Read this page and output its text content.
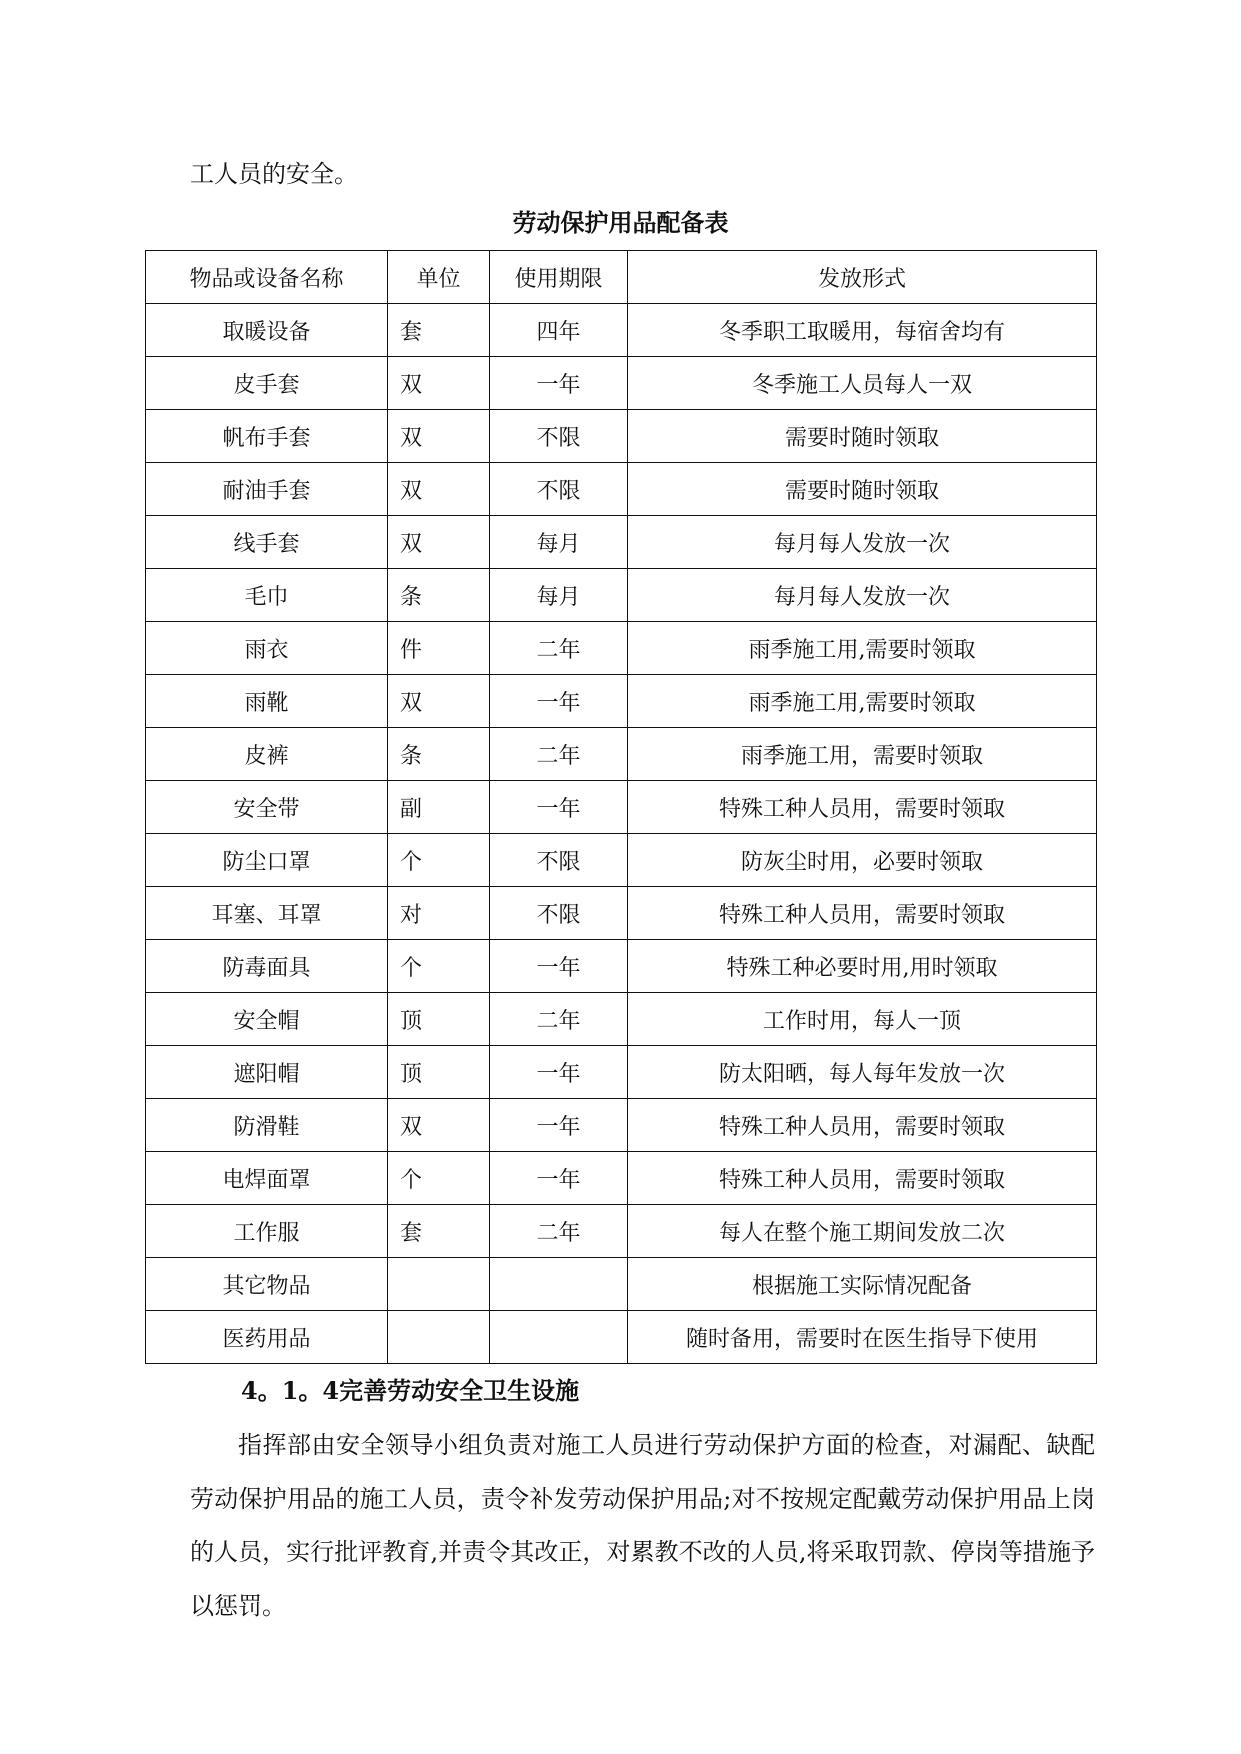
工人员的安全。

劳动保护用品配备表
物品或设备名称	单位	使用期限	发放形式
取暖设备	套	四年	冬季职工取暖用，每宿舍均有
皮手套	双	一年	冬季施工人员每人一双
帆布手套	双	不限	需要时随时领取
耐油手套	双	不限	需要时随时领取
线手套	双	每月	每月每人发放一次
毛巾	条	每月	每月每人发放一次
雨衣	件	二年	雨季施工用,需要时领取
雨靴	双	一年	雨季施工用,需要时领取
皮裤	条	二年	雨季施工用，需要时领取
安全带	副	一年	特殊工种人员用，需要时领取
防尘口罩	个	不限	防灰尘时用，必要时领取
耳塞、耳罩	对	不限	特殊工种人员用，需要时领取
防毒面具	个	一年	特殊工种必要时用,用时领取
安全帽	顶	二年	工作时用，每人一顶
遮阳帽	顶	一年	防太阳晒，每人每年发放一次
防滑鞋	双	一年	特殊工种人员用，需要时领取
电焊面罩	个	一年	特殊工种人员用，需要时领取
工作服	套	二年	每人在整个施工期间发放二次
其它物品			根据施工实际情况配备
医药用品			随时备用，需要时在医生指导下使用
4。1。4完善劳动安全卫生设施

指挥部由安全领导小组负责对施工人员进行劳动保护方面的检查，对漏配、缺配劳动保护用品的施工人员，责令补发劳动保护用品;对不按规定配戴劳动保护用品上岗的人员，实行批评教育,并责令其改正，对累教不改的人员,将采取罚款、停岗等措施予以惩罚。
